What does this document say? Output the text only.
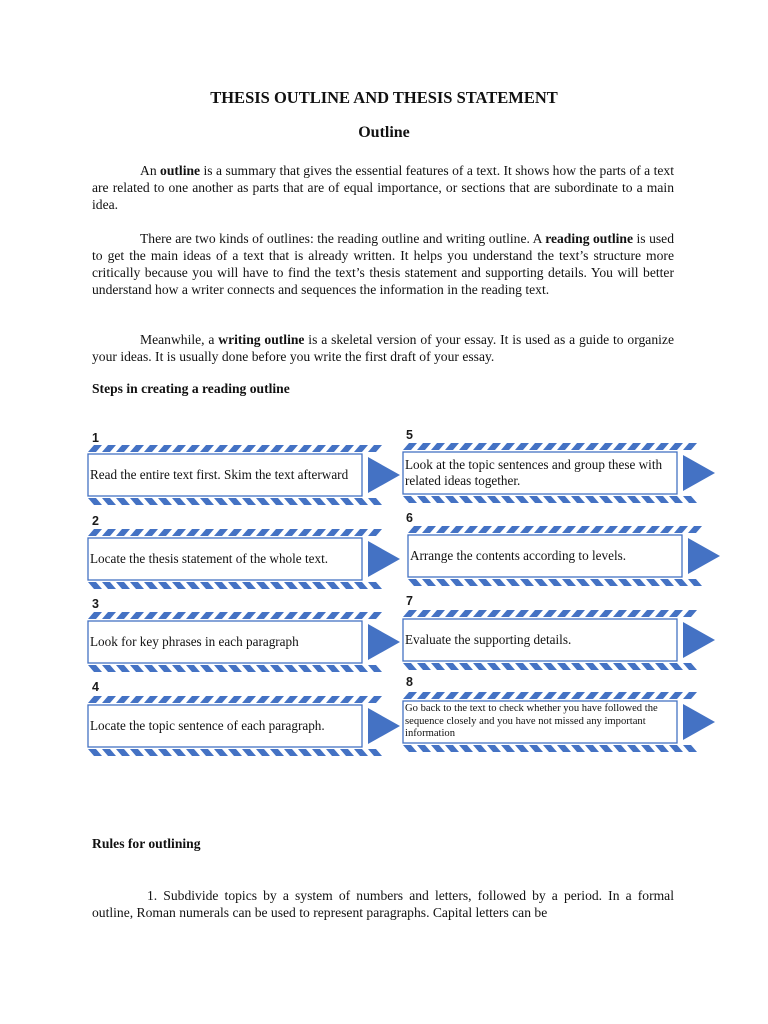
THESIS OUTLINE AND THESIS STATEMENT
Outline

An outline is a summary that gives the essential features of a text. It shows how the parts of a text are related to one another as parts that are of equal importance, or sections that are subordinate to a main idea.

There are two kinds of outlines: the reading outline and writing outline. A reading outline is used to get the main ideas of a text that is already written. It helps you understand the text’s structure more critically because you will have to find the text’s thesis statement and supporting details. You will better understand how a writer connects and sequences the information in the reading text.

Meanwhile, a writing outline is a skeletal version of your essay. It is used as a guide to organize your ideas. It is usually done before you write the first draft of your essay.

Steps in creating a reading outline
1
Read the entire text first. Skim the text afterward
2
Locate the thesis statement of the whole text.
3
Look for key phrases in each paragraph
4
Locate the topic sentence of each paragraph.
5
Look at the topic sentences and group these with related ideas together.
6
Arrange the contents according to levels.
7
Evaluate the supporting details.
8
Go back to the text to check whether you have followed the sequence closely and you have not missed any important information
Rules for outlining

1. Subdivide topics by a system of numbers and letters, followed by a period. In a formal outline, Roman numerals can be used to represent paragraphs. Capital letters can be
